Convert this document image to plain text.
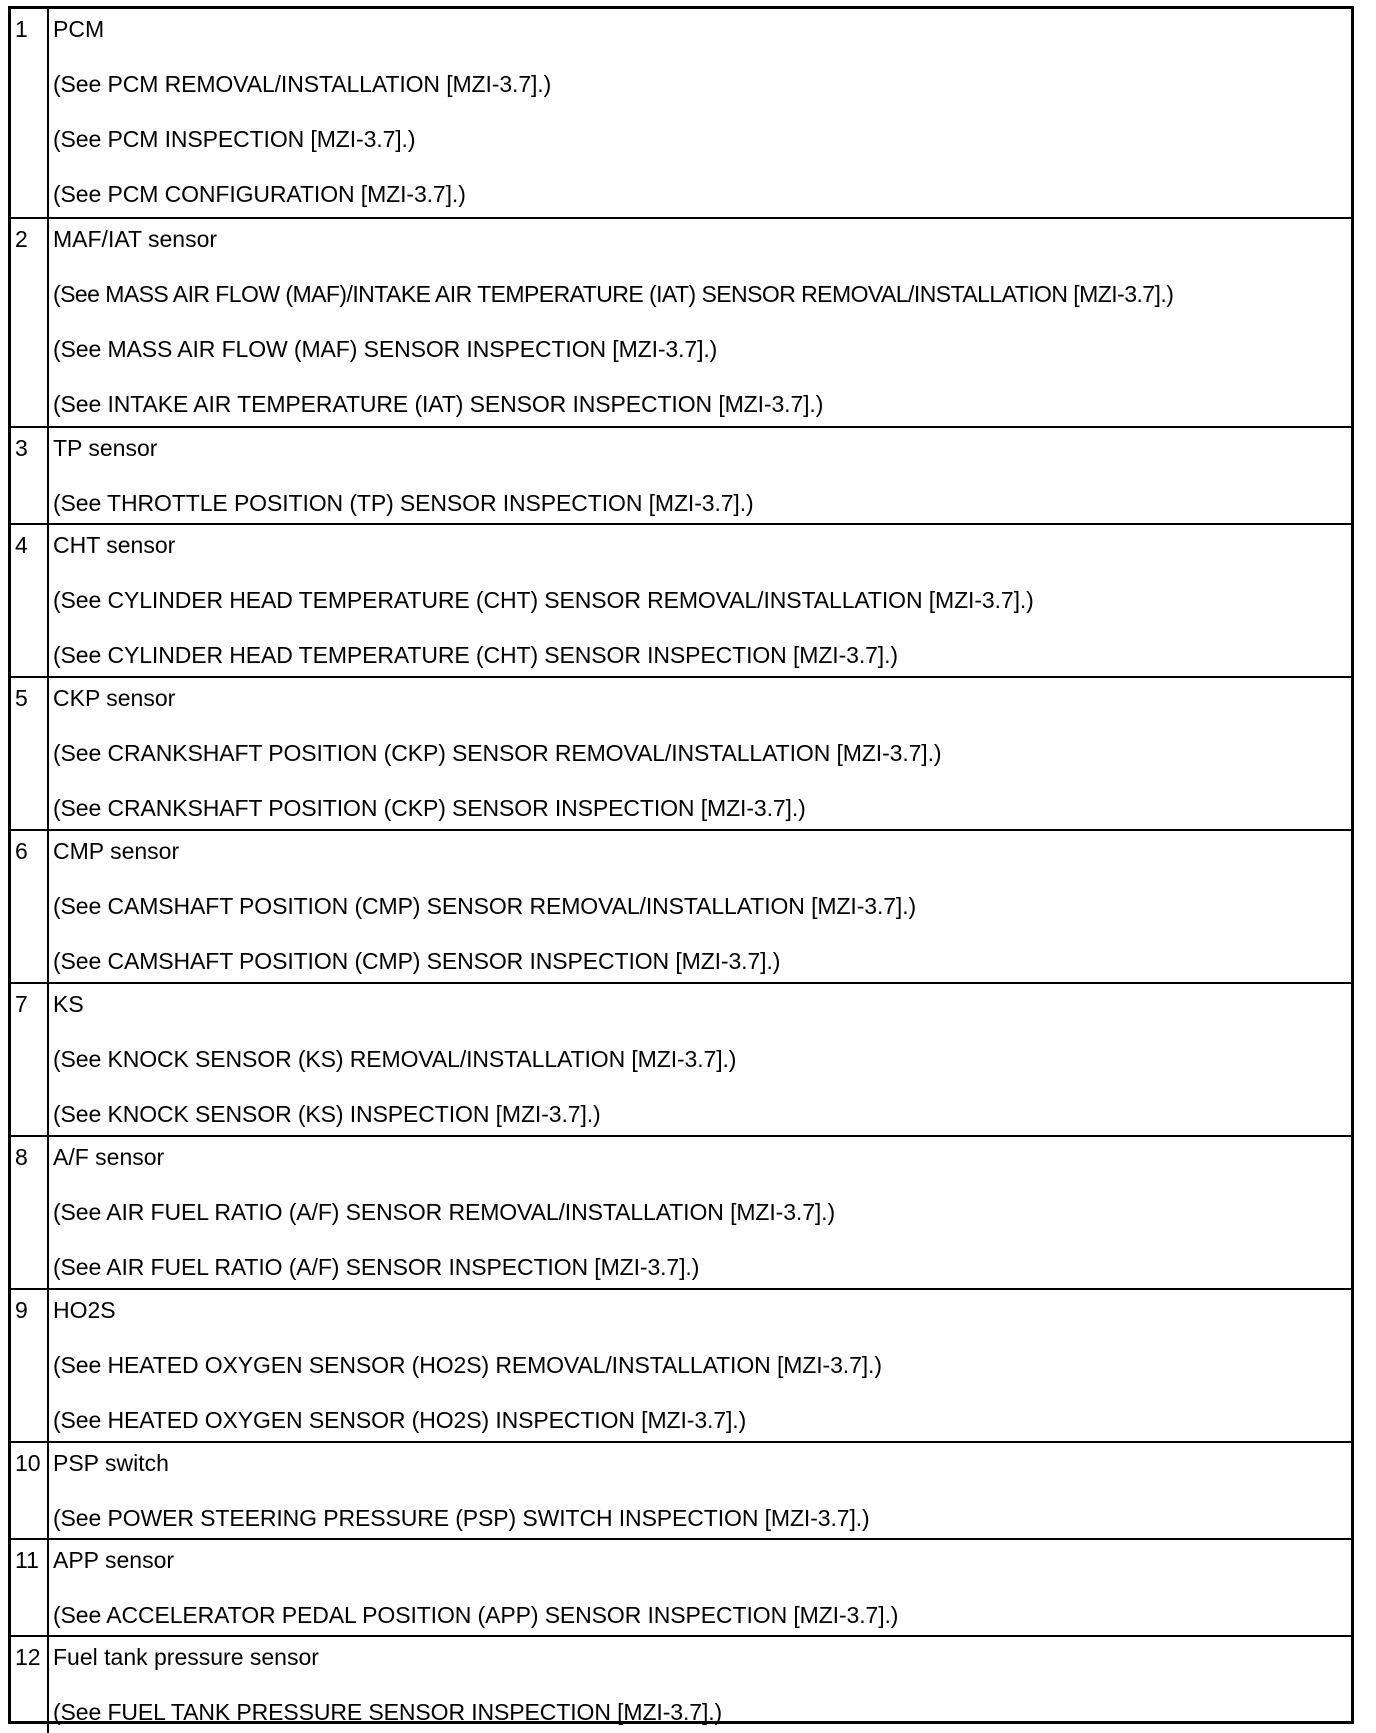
1	PCM
(See PCM REMOVAL/INSTALLATION [MZI-3.7].)
(See PCM INSPECTION [MZI-3.7].)
(See PCM CONFIGURATION [MZI-3.7].)

2	MAF/IAT sensor
(See MASS AIR FLOW (MAF)/INTAKE AIR TEMPERATURE (IAT) SENSOR REMOVAL/INSTALLATION [MZI-3.7].)
(See MASS AIR FLOW (MAF) SENSOR INSPECTION [MZI-3.7].)
(See INTAKE AIR TEMPERATURE (IAT) SENSOR INSPECTION [MZI-3.7].)

3	TP sensor
(See THROTTLE POSITION (TP) SENSOR INSPECTION [MZI-3.7].)

4	CHT sensor
(See CYLINDER HEAD TEMPERATURE (CHT) SENSOR REMOVAL/INSTALLATION [MZI-3.7].)
(See CYLINDER HEAD TEMPERATURE (CHT) SENSOR INSPECTION [MZI-3.7].)

5	CKP sensor
(See CRANKSHAFT POSITION (CKP) SENSOR REMOVAL/INSTALLATION [MZI-3.7].)
(See CRANKSHAFT POSITION (CKP) SENSOR INSPECTION [MZI-3.7].)

6	CMP sensor
(See CAMSHAFT POSITION (CMP) SENSOR REMOVAL/INSTALLATION [MZI-3.7].)
(See CAMSHAFT POSITION (CMP) SENSOR INSPECTION [MZI-3.7].)

7	KS
(See KNOCK SENSOR (KS) REMOVAL/INSTALLATION [MZI-3.7].)
(See KNOCK SENSOR (KS) INSPECTION [MZI-3.7].)

8	A/F sensor
(See AIR FUEL RATIO (A/F) SENSOR REMOVAL/INSTALLATION [MZI-3.7].)
(See AIR FUEL RATIO (A/F) SENSOR INSPECTION [MZI-3.7].)

9	HO2S
(See HEATED OXYGEN SENSOR (HO2S) REMOVAL/INSTALLATION [MZI-3.7].)
(See HEATED OXYGEN SENSOR (HO2S) INSPECTION [MZI-3.7].)

10	PSP switch
(See POWER STEERING PRESSURE (PSP) SWITCH INSPECTION [MZI-3.7].)

11	APP sensor
(See ACCELERATOR PEDAL POSITION (APP) SENSOR INSPECTION [MZI-3.7].)

12	Fuel tank pressure sensor
(See FUEL TANK PRESSURE SENSOR INSPECTION [MZI-3.7].)
